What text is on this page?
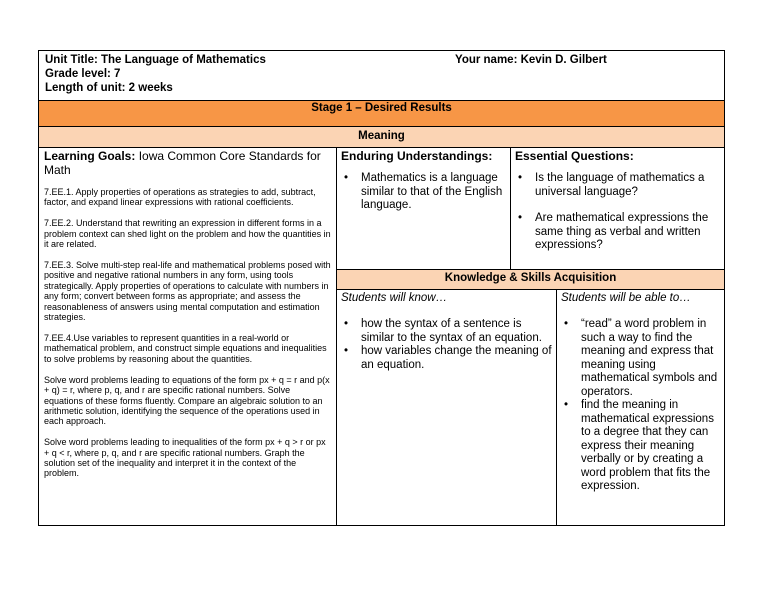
Unit Title: The Language of Mathematics
Grade level: 7
Length of unit: 2 weeks
Your name: Kevin D. Gilbert
Stage 1 – Desired Results
Meaning
Learning Goals: Iowa Common Core Standards for Math

7.EE.1. Apply properties of operations as strategies to add, subtract, factor, and expand linear expressions with rational coefficients.

7.EE.2. Understand that rewriting an expression in different forms in a problem context can shed light on the problem and how the quantities in it are related.

7.EE.3. Solve multi-step real-life and mathematical problems posed with positive and negative rational numbers in any form, using tools strategically. Apply properties of operations to calculate with numbers in any form; convert between forms as appropriate; and assess the reasonableness of answers using mental computation and estimation strategies.

7.EE.4.Use variables to represent quantities in a real-world or mathematical problem, and construct simple equations and inequalities to solve problems by reasoning about the quantities.

Solve word problems leading to equations of the form px + q = r and p(x + q) = r, where p, q, and r are specific rational numbers. Solve equations of these forms fluently. Compare an algebraic solution to an arithmetic solution, identifying the sequence of the operations used in each approach.

Solve word problems leading to inequalities of the form px + q > r or px + q < r, where p, q, and r are specific rational numbers. Graph the solution set of the inequality and interpret it in the context of the problem.

Enduring Understandings:
• Mathematics is a language similar to that of the English language.
Essential Questions:
• Is the language of mathematics a universal language?
• Are mathematical expressions the same thing as verbal and written expressions?
Knowledge & Skills Acquisition
Students will know…
• how the syntax of a sentence is similar to the syntax of an equation.
• how variables change the meaning of an equation.
Students will be able to…
• “read” a word problem in such a way to find the meaning and express that meaning using mathematical symbols and operators.
• find the meaning in mathematical expressions to a degree that they can express their meaning verbally or by creating a word problem that fits the expression.
